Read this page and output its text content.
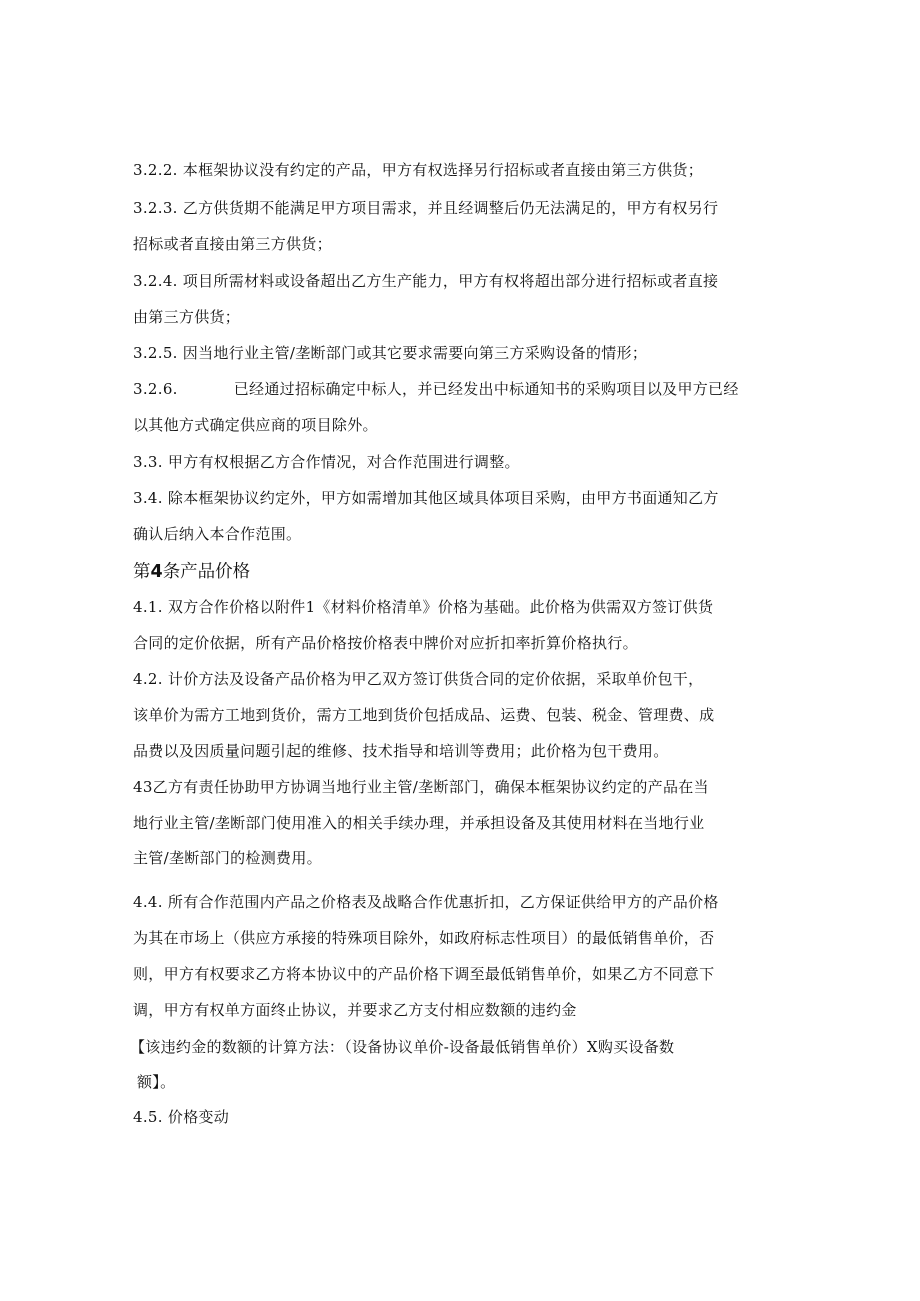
3.2.2. 本框架协议没有约定的产品，甲方有权选择另行招标或者直接由第三方供货；
3.2.3. 乙方供货期不能满足甲方项目需求，并且经调整后仍无法满足的，甲方有权另行
招标或者直接由第三方供货；
3.2.4. 项目所需材料或设备超出乙方生产能力，甲方有权将超出部分进行招标或者直接
由第三方供货；
3.2.5. 因当地行业主管/垄断部门或其它要求需要向第三方采购设备的情形；
3.2.6.	已经通过招标确定中标人，并已经发出中标通知书的采购项目以及甲方已经
以其他方式确定供应商的项目除外。
3.3. 甲方有权根据乙方合作情况，对合作范围进行调整。
3.4. 除本框架协议约定外，甲方如需增加其他区域具体项目采购，由甲方书面通知乙方
确认后纳入本合作范围。
第4条产品价格
4.1. 双方合作价格以附件1《材料价格清单》价格为基础。此价格为供需双方签订供货
合同的定价依据，所有产品价格按价格表中牌价对应折扣率折算价格执行。
4.2. 计价方法及设备产品价格为甲乙双方签订供货合同的定价依据，采取单价包干，
该单价为需方工地到货价，需方工地到货价包括成品、运费、包装、税金、管理费、成
品费以及因质量问题引起的维修、技术指导和培训等费用；此价格为包干费用。
43乙方有责任协助甲方协调当地行业主管/垄断部门，确保本框架协议约定的产品在当
地行业主管/垄断部门使用准入的相关手续办理，并承担设备及其使用材料在当地行业
主管/垄断部门的检测费用。
4.4. 所有合作范围内产品之价格表及战略合作优惠折扣，乙方保证供给甲方的产品价格
为其在市场上（供应方承接的特殊项目除外，如政府标志性项目）的最低销售单价，否
则，甲方有权要求乙方将本协议中的产品价格下调至最低销售单价，如果乙方不同意下
调，甲方有权单方面终止协议，并要求乙方支付相应数额的违约金
【该违约金的数额的计算方法：（设备协议单价-设备最低销售单价）X购买设备数
额】。
4.5. 价格变动
